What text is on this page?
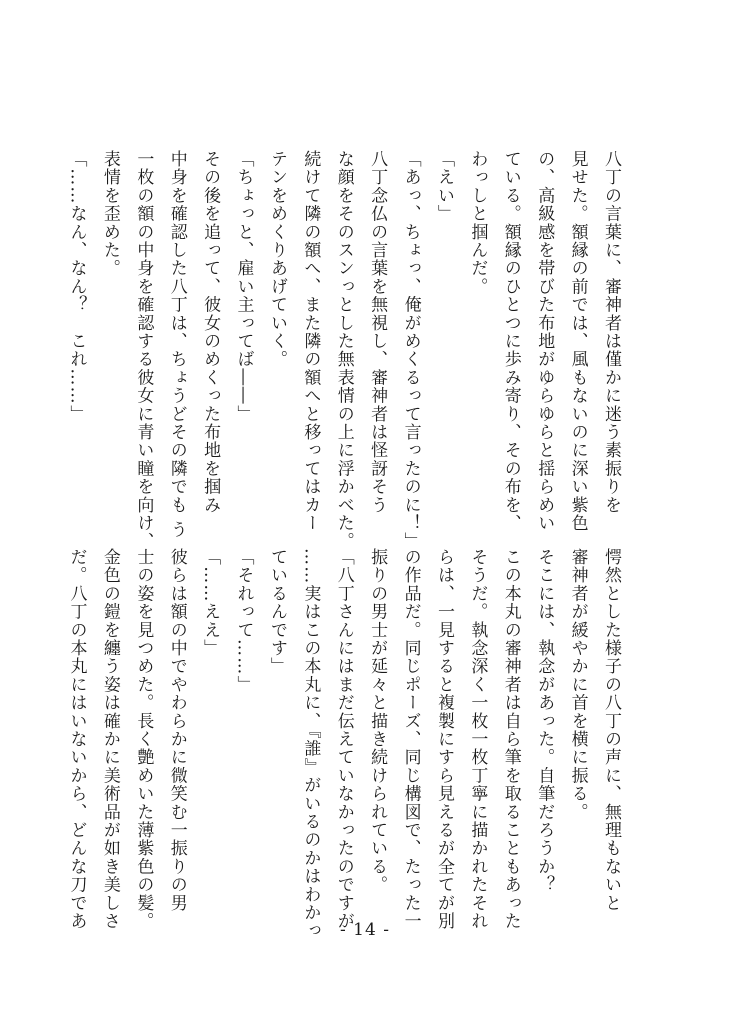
八丁の言葉に、審神者は僅かに迷う素振りを
見せた。額縁の前では、風もないのに深い紫色
の、高級感を帯びた布地がゆらゆらと揺らめい
ている。額縁のひとつに歩み寄り、その布を、
わっしと掴んだ。
「えい」
「あっ、ちょっ、俺がめくるって言ったのに！」
八丁念仏の言葉を無視し、審神者は怪訝そう
な顔をそのスンっとした無表情の上に浮かべた。
続けて隣の額へ、また隣の額へと移ってはカー
テンをめくりあげていく。
「ちょっと、雇い主ってば――」
その後を追って、彼女のめくった布地を掴み
中身を確認した八丁は、ちょうどその隣でも う
一枚の額の中身を確認する彼女に青い瞳を向け、
表情を歪めた。
「……なん、なん？　これ……」
愕然とした様子の八丁の声に、無理もないと
審神者が緩やかに首を横に振る。
そこには、執念があった。自筆だろうか？
この本丸の審神者は自ら筆を取ることもあった
そうだ。執念深く一枚一枚丁寧に描かれたそれ
らは、一見すると複製にすら見えるが全てが別
の作品だ。同じポーズ、同じ構図で、たった一
振りの男士が延々と描き続けられている。
「八丁さんにはまだ伝えていなかったのですが
……実はこの本丸に、『誰』がいるのかはわかっ
ているんです」
「それって……」
「……ええ」
彼らは額の中でやわらかに微笑む一振りの男
士の姿を見つめた。長く艶めいた薄紫色の髪。
金色の鎧を纏う姿は確かに美術品が如き美しさ
だ。八丁の本丸にはいないから、どんな刀であ	- 14 -
